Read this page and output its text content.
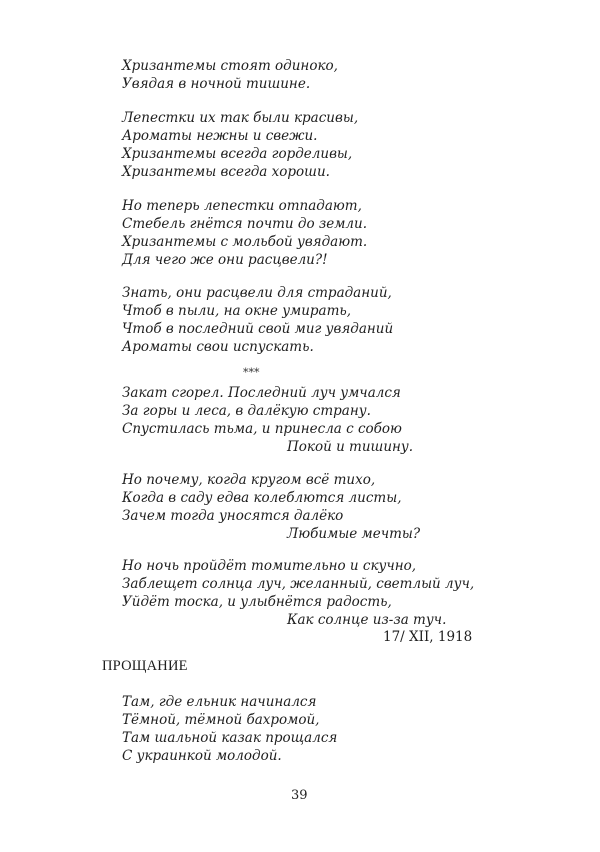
Хризантемы стоят одиноко,
Увядая в ночной тишине.
Лепестки их так были красивы,
Ароматы нежны и свежи.
Хризантемы всегда горделивы,
Хризантемы всегда хороши.
Но теперь лепестки отпадают,
Стебель гнётся почти до земли.
Хризантемы с мольбой увядают.
Для чего же они расцвели?!
Знать, они расцвели для страданий,
Чтоб в пыли, на окне умирать,
Чтоб в последний свой миг увяданий
Ароматы свои испускать.
***
Закат сгорел. Последний луч умчался
За горы и леса, в далёкую страну.
Спустилась тьма, и принесла с собою
Покой и тишину.
Но почему, когда кругом всё тихо,
Когда в саду едва колеблются листы,
Зачем тогда уносятся далёко
Любимые мечты?
Но ночь пройдёт томительно и скучно,
Заблещет солнца луч, желанный, светлый луч,
Уйдёт тоска, и улыбнётся радость,
Как солнце из-за туч.
17/ XII, 1918
ПРОЩАНИЕ
Там, где ельник начинался
Тёмной, тёмной бахромой,
Там шальной казак прощался
С украинкой молодой.
39
